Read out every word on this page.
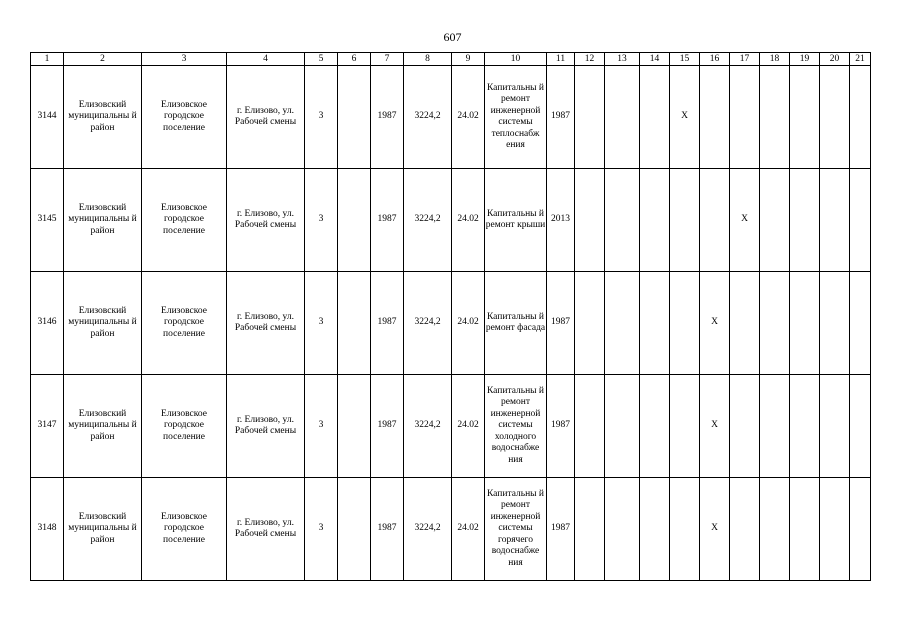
607
1	2	3	4	5	6	7	8	9	10	11	12	13	14	15	16	17	18	19	20	21
3144	Елизовский муниципальны й район	Елизовское городское поселение	г. Елизово, ул. Рабочей смены	3		1987	3224,2	24.02	Капитальны й ремонт инженерной системы теплоснабж ения	1987				X						
3145	Елизовский муниципальны й район	Елизовское городское поселение	г. Елизово, ул. Рабочей смены	3		1987	3224,2	24.02	Капитальны й ремонт крыши	2013						X				
3146	Елизовский муниципальны й район	Елизовское городское поселение	г. Елизово, ул. Рабочей смены	3		1987	3224,2	24.02	Капитальны й ремонт фасада	1987					X					
3147	Елизовский муниципальны й район	Елизовское городское поселение	г. Елизово, ул. Рабочей смены	3		1987	3224,2	24.02	Капитальны й ремонт инженерной системы холодного водоснабже ния	1987					X					
3148	Елизовский муниципальны й район	Елизовское городское поселение	г. Елизово, ул. Рабочей смены	3		1987	3224,2	24.02	Капитальны й ремонт инженерной системы горячего водоснабже ния	1987					X					
